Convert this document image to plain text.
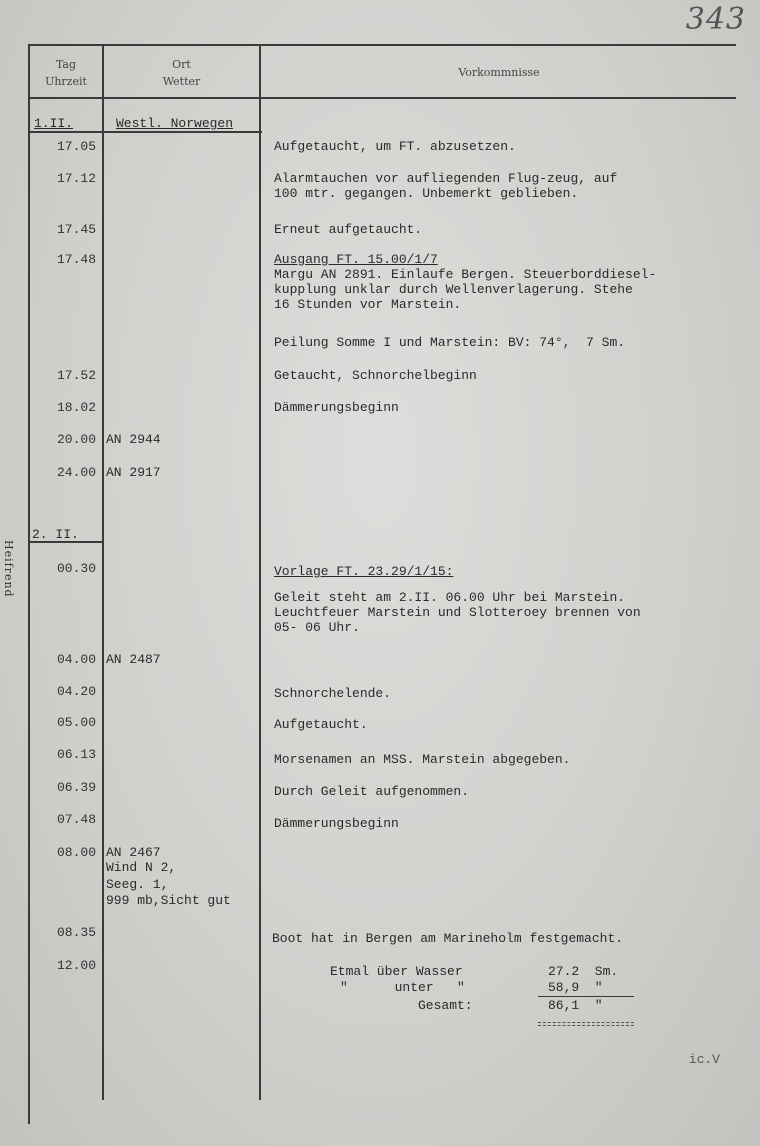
343
Heifrend
Tag
Uhrzeit
Ort
Wetter
Vorkommnisse
1.II.	Westl. Norwegen
17.05	Aufgetaucht, um FT. abzusetzen.
17.12	Alarmtauchen vor aufliegenden Flug-zeug, auf
100 mtr. gegangen. Unbemerkt geblieben.
17.45	Erneut aufgetaucht.
17.48	Ausgang FT. 15.00/1/7
Margu AN 2891. Einlaufe Bergen. Steuerborddiesel-
kupplung unklar durch Wellenverlagerung. Stehe
16 Stunden vor Marstein.
Peilung Somme I und Marstein: BV: 74°,  7 Sm.
17.52	Getaucht, Schnorchelbeginn
18.02	Dämmerungsbeginn
20.00 AN 2944
24.00 AN 2917
2. II.
00.30	Vorlage FT. 23.29/1/15:
Geleit steht am 2.II. 06.00 Uhr bei Marstein.
Leuchtfeuer Marstein und Slotteroey brennen von
05- 06 Uhr.
04.00 AN 2487
04.20	Schnorchelende.
05.00	Aufgetaucht.
06.13	Morsenamen an MSS. Marstein abgegeben.
06.39	Durch Geleit aufgenommen.
07.48	Dämmerungsbeginn
08.00 AN 2467
Wind N 2,
Seeg. 1,
999 mb,Sicht gut
08.35	Boot hat in Bergen am Marineholm festgemacht.
12.00	Etmal über Wasser	27.2  Sm.
"      unter   "	58,9  "
Gesamt:	86,1  "
ic.V
